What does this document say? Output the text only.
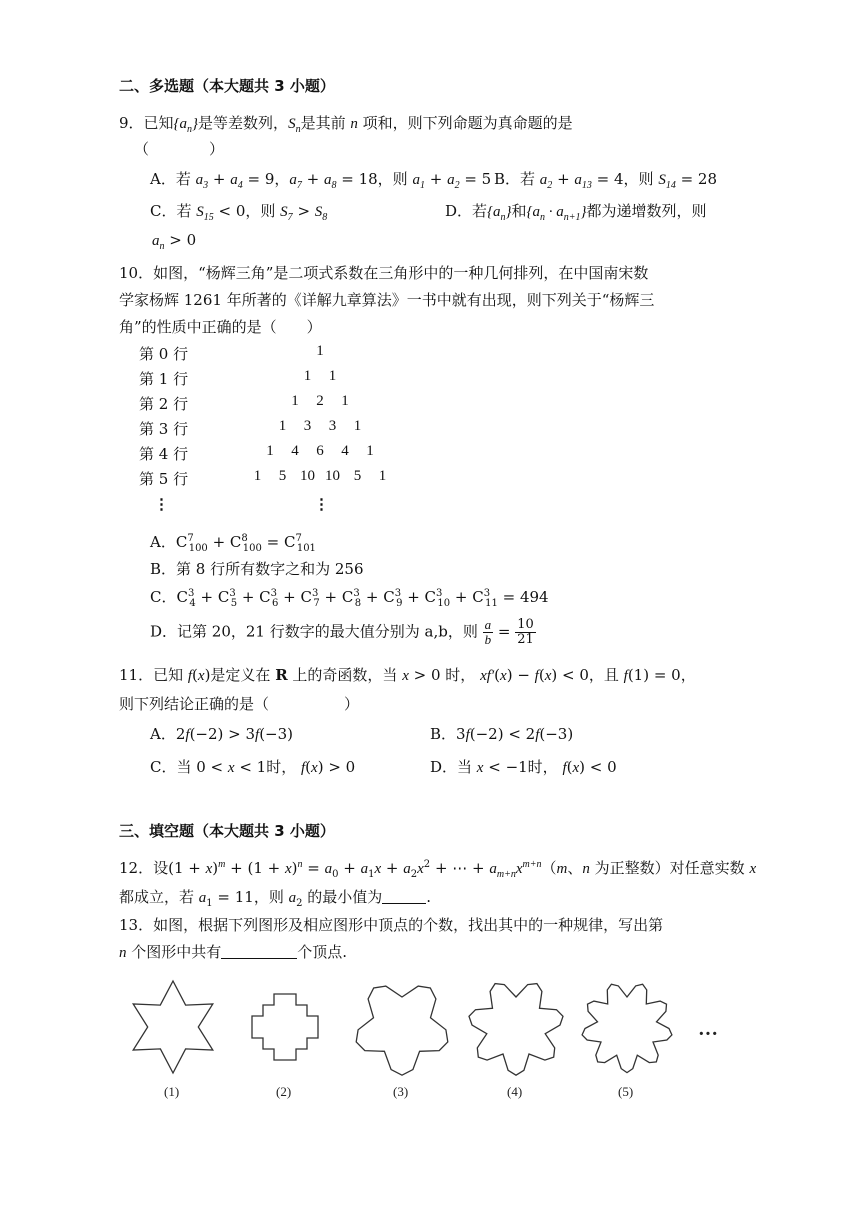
二、多选题（本大题共 3 小题）
9．已知$\{a_n\}$是等差数列，$S_n$是其前 n 项和，则下列命题为真命题的是
（　　　　）
A．若 $a_3 + a_4 = 9$，$a_7 + a_8 = 18$，则 $a_1 + a_2 = 5$ B．若 $a_2 + a_{13} = 4$，则 $S_{14} = 28$
C．若 $S_{15} < 0$，则 $S_7 > S_8$	D．若$\{a_n\}$和$\{a_n \cdot a_{n+1}\}$都为递增数列，则
$a_n > 0$
10．如图，“杨辉三角”是二项式系数在三角形中的一种几何排列，在中国南宋数
学家杨辉 1261 年所著的《详解九章算法》一书中就有出现，则下列关于“杨辉三
角”的性质中正确的是（　　）
第 0 行	1
第 1 行	1	1
第 2 行	1	2	1
第 3 行	1	3	3	1
第 4 行	1	4	6	4	1
第 5 行	1	5 10 10 5	1
⋮	⋮
A．$C^7_{100} + C^8_{100} = C^7_{101}$
B．第 8 行所有数字之和为 256
C．$C^3_4 + C^3_5 + C^3_6 + C^3_7 + C^3_8 + C^3_9 + C^3_{10} + C^3_{11} = 494$
D．记第 20，21 行数字的最大值分别为 a,b，则 $\frac{a}{b} = \frac{10}{21}$
11．已知 f(x)是定义在 R 上的奇函数，当 x > 0 时， xf′(x) − f(x) < 0，且 f(1) = 0，
则下列结论正确的是（　　　　　）
A．2f(−2) > 3f(−3)	B．3f(−2) < 2f(−3)
C．当 0 < x < 1时， f(x) > 0	D．当 x < −1时， f(x) < 0
三、填空题（本大题共 3 小题）
12．设$(1 + x)^m + (1 + x)^n = a_0 + a_1x + a_2x^2$ + ⋯ + $a_{m+n}x^{m+n}(m$、n 为正整数）对任意实数 x
都成立，若 $a_1 = 11$，则 $a_2$ 的最小值为	.
13．如图，根据下列图形及相应图形中顶点的个数，找出其中的一种规律，写出第
n 个图形中共有	个顶点.
(1)	(2)	(3)	(4)	(5)
···
